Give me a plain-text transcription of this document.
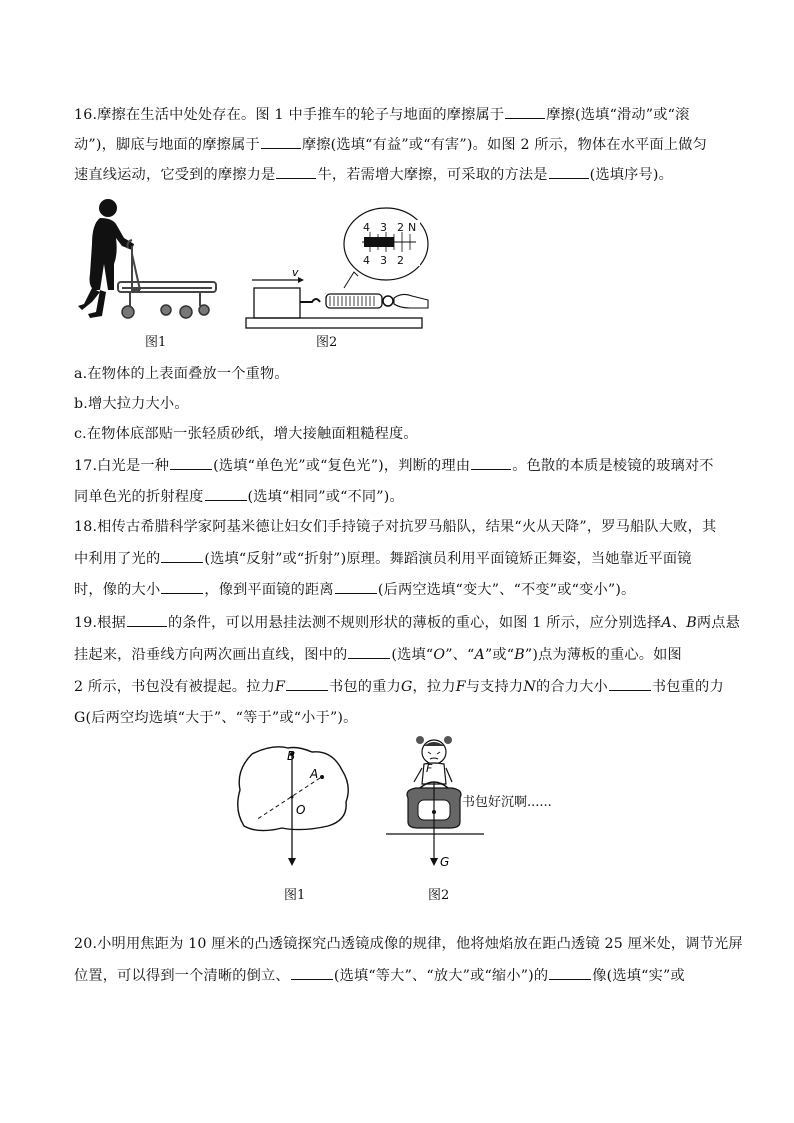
16.摩擦在生活中处处存在。图 1 中手推车的轮子与地面的摩擦属于	摩擦(选填“滑动”或“滚
动”)，脚底与地面的摩擦属于	摩擦(选填“有益”或“有害”)。如图 2 所示，物体在水平面上做匀
速直线运动，它受到的摩擦力是	牛，若需增大摩擦，可采取的方法是	(选填序号)。
图1
v
4 3 2 N
4 3 2
图2
a.在物体的上表面叠放一个重物。
b.增大拉力大小。
c.在物体底部贴一张轻质砂纸，增大接触面粗糙程度。
17.白光是一种	(选填“单色光”或“复色光”)，判断的理由	。色散的本质是棱镜的玻璃对不
同单色光的折射程度	(选填“相同”或“不同”)。
18.相传古希腊科学家阿基米德让妇女们手持镜子对抗罗马船队，结果“火从天降”，罗马船队大败，其
中利用了光的	(选填“反射”或“折射”)原理。舞蹈演员利用平面镜矫正舞姿，当她靠近平面镜
时，像的大小	，像到平面镜的距离	(后两空选填“变大”、“不变”或“变小”)。
19.根据	的条件，可以用悬挂法测不规则形状的薄板的重心，如图 1 所示，应分别选择A、B两点悬
挂起来，沿垂线方向两次画出直线，图中的	(选填“O”、“A”或“B”)点为薄板的重心。如图
2 所示，书包没有被提起。拉力F	书包的重力G，拉力F与支持力N的合力大小	书包重的力
G(后两空均选填“大于”、“等于”或“小于”)。
B
A
O
图1
F
G
书包好沉啊......
图2
20.小明用焦距为 10 厘米的凸透镜探究凸透镜成像的规律，他将烛焰放在距凸透镜 25 厘米处，调节光屏
位置，可以得到一个清晰的倒立、	(选填“等大”、“放大”或“缩小”)的	像(选填“实”或
